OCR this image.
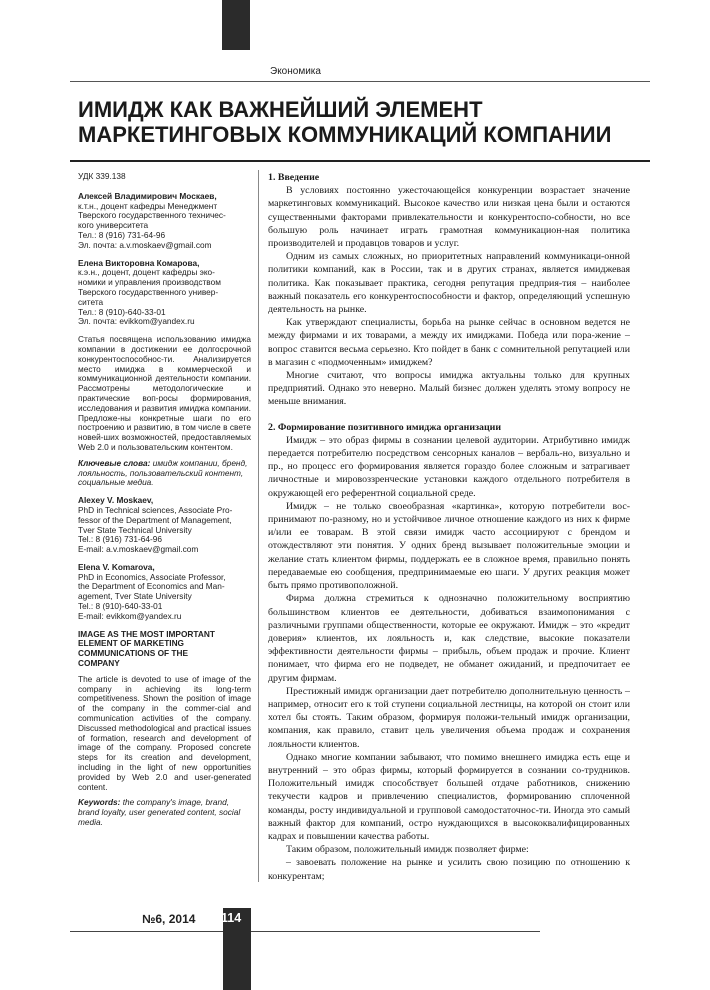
Экономика
ИМИДЖ КАК ВАЖНЕЙШИЙ ЭЛЕМЕНТ
МАРКЕТИНГОВЫХ КОММУНИКАЦИЙ КОМПАНИИ
УДК 339.138
Алексей Владимирович Москаев,
к.т.н., доцент кафедры Менеджмент
Тверского государственного техничес-
кого университета
Тел.: 8 (916) 731-64-96
Эл. почта: a.v.moskaev@gmail.com
Елена Викторовна Комарова,
к.э.н., доцент, доцент кафедры эко-
номики и управления производством
Тверского государственного универ-
ситета
Тел.: 8 (910)-640-33-01
Эл. почта: evikkom@yandex.ru
Статья посвящена использованию имиджа компании в достижении ее долгосрочной конкурентоспособнос-ти. Анализируется место имиджа в коммерческой и коммуникационной деятельности компании. Рассмотрены методологические и практические воп-росы формирования, исследования и развития имиджа компании. Предложе-ны конкретные шаги по его построению и развитию, в том числе в свете новей-ших возможностей, предоставляемых Web 2.0 и пользовательским контентом.
Ключевые слова: имидж компании, бренд, лояльность, пользовательский контент, социальные медиа.
Alexey V. Moskaev,
PhD in Technical sciences, Associate Pro-
fessor of the Department of Management,
Tver State Technical University
Tel.: 8 (916) 731-64-96
E-mail: a.v.moskaev@gmail.com
Elena V. Komarova,
PhD in Economics, Associate Professor,
the Department of Economics and Man-
agement, Tver State University
Tel.: 8 (910)-640-33-01
E-mail: evikkom@yandex.ru
IMAGE AS THE MOST IMPORTANT
ELEMENT OF MARKETING
COMMUNICATIONS OF THE
COMPANY
The article is devoted to use of image of the company in achieving its long-term competitiveness. Shown the position of image of the company in the commer-cial and communication activities of the company. Discussed methodological and practical issues of formation, research and development of image of the company. Proposed concrete steps for its creation and development, including in the light of new opportunities provided by Web 2.0 and user-generated content.
Keywords: the company's image, brand, brand loyalty, user generated content, social media.
1. Введение

В условиях постоянно ужесточающейся конкуренции возрастает значение маркетинговых коммуникаций. Высокое качество или низкая цена были и остаются существенными факторами привлекательности и конкурентоспо-собности, но все большую роль начинает играть грамотная коммуникацион-ная политика производителей и продавцов товаров и услуг.

Одним из самых сложных, но приоритетных направлений коммуникаци-онной политики компаний, как в России, так и в других странах, является имиджевая политика. Как показывает практика, сегодня репутация предприя-тия – наиболее важный показатель его конкурентоспособности и фактор, определяющий успешную деятельность на рынке.

Как утверждают специалисты, борьба на рынке сейчас в основном ведется не между фирмами и их товарами, а между их имиджами. Победа или пора-жение – вопрос ставится весьма серьезно. Кто пойдет в банк с сомнительной репутацией или в магазин с «подмоченным» имиджем?

Многие считают, что вопросы имиджа актуальны только для крупных предприятий. Однако это неверно. Малый бизнес должен уделять этому вопросу не меньше внимания.

2. Формирование позитивного имиджа организации

Имидж – это образ фирмы в сознании целевой аудитории. Атрибутивно имидж передается потребителю посредством сенсорных каналов – вербаль-но, визуально и пр., но процесс его формирования является гораздо более сложным и затрагивает личностные и мировоззренческие установки каждого отдельного потребителя в окружающей его референтной социальной среде.

Имидж – не только своеобразная «картинка», которую потребители вос-принимают по-разному, но и устойчивое личное отношение каждого из них к фирме и/или ее товарам. В этой связи имидж часто ассоциируют с брендом и отождествляют эти понятия. У одних бренд вызывает положительные эмоции и желание стать клиентом фирмы, поддержать ее в сложное время, правильно понять передаваемые ею сообщения, предпринимаемые ею шаги. У других реакция может быть прямо противоположной.

Фирма должна стремиться к однозначно положительному восприятию большинством клиентов ее деятельности, добиваться взаимопонимания с различными группами общественности, которые ее окружают. Имидж – это «кредит доверия» клиентов, их лояльность и, как следствие, высокие показатели эффективности деятельности фирмы – прибыль, объем продаж и прочие. Клиент понимает, что фирма его не подведет, не обманет ожиданий, и предпочитает ее другим фирмам.

Престижный имидж организации дает потребителю дополнительную ценность – например, относит его к той ступени социальной лестницы, на которой он стоит или хотел бы стоять. Таким образом, формируя положи-тельный имидж организации, компания, как правило, ставит цель увеличения объема продаж и сохранения лояльности клиентов.

Однако многие компании забывают, что помимо внешнего имиджа есть еще и внутренний – это образ фирмы, который формируется в сознании со-трудников. Положительный имидж способствует большей отдаче работников, снижению текучести кадров и привлечению специалистов, формированию сплоченной команды, росту индивидуальной и групповой самодостаточнос-ти. Иногда это самый важный фактор для компаний, остро нуждающихся в высококвалифицированных кадрах и повышении качества работы.

Таким образом, положительный имидж позволяет фирме:

– завоевать положение на рынке и усилить свою позицию по отношению к конкурентам;

№6, 2014 114
